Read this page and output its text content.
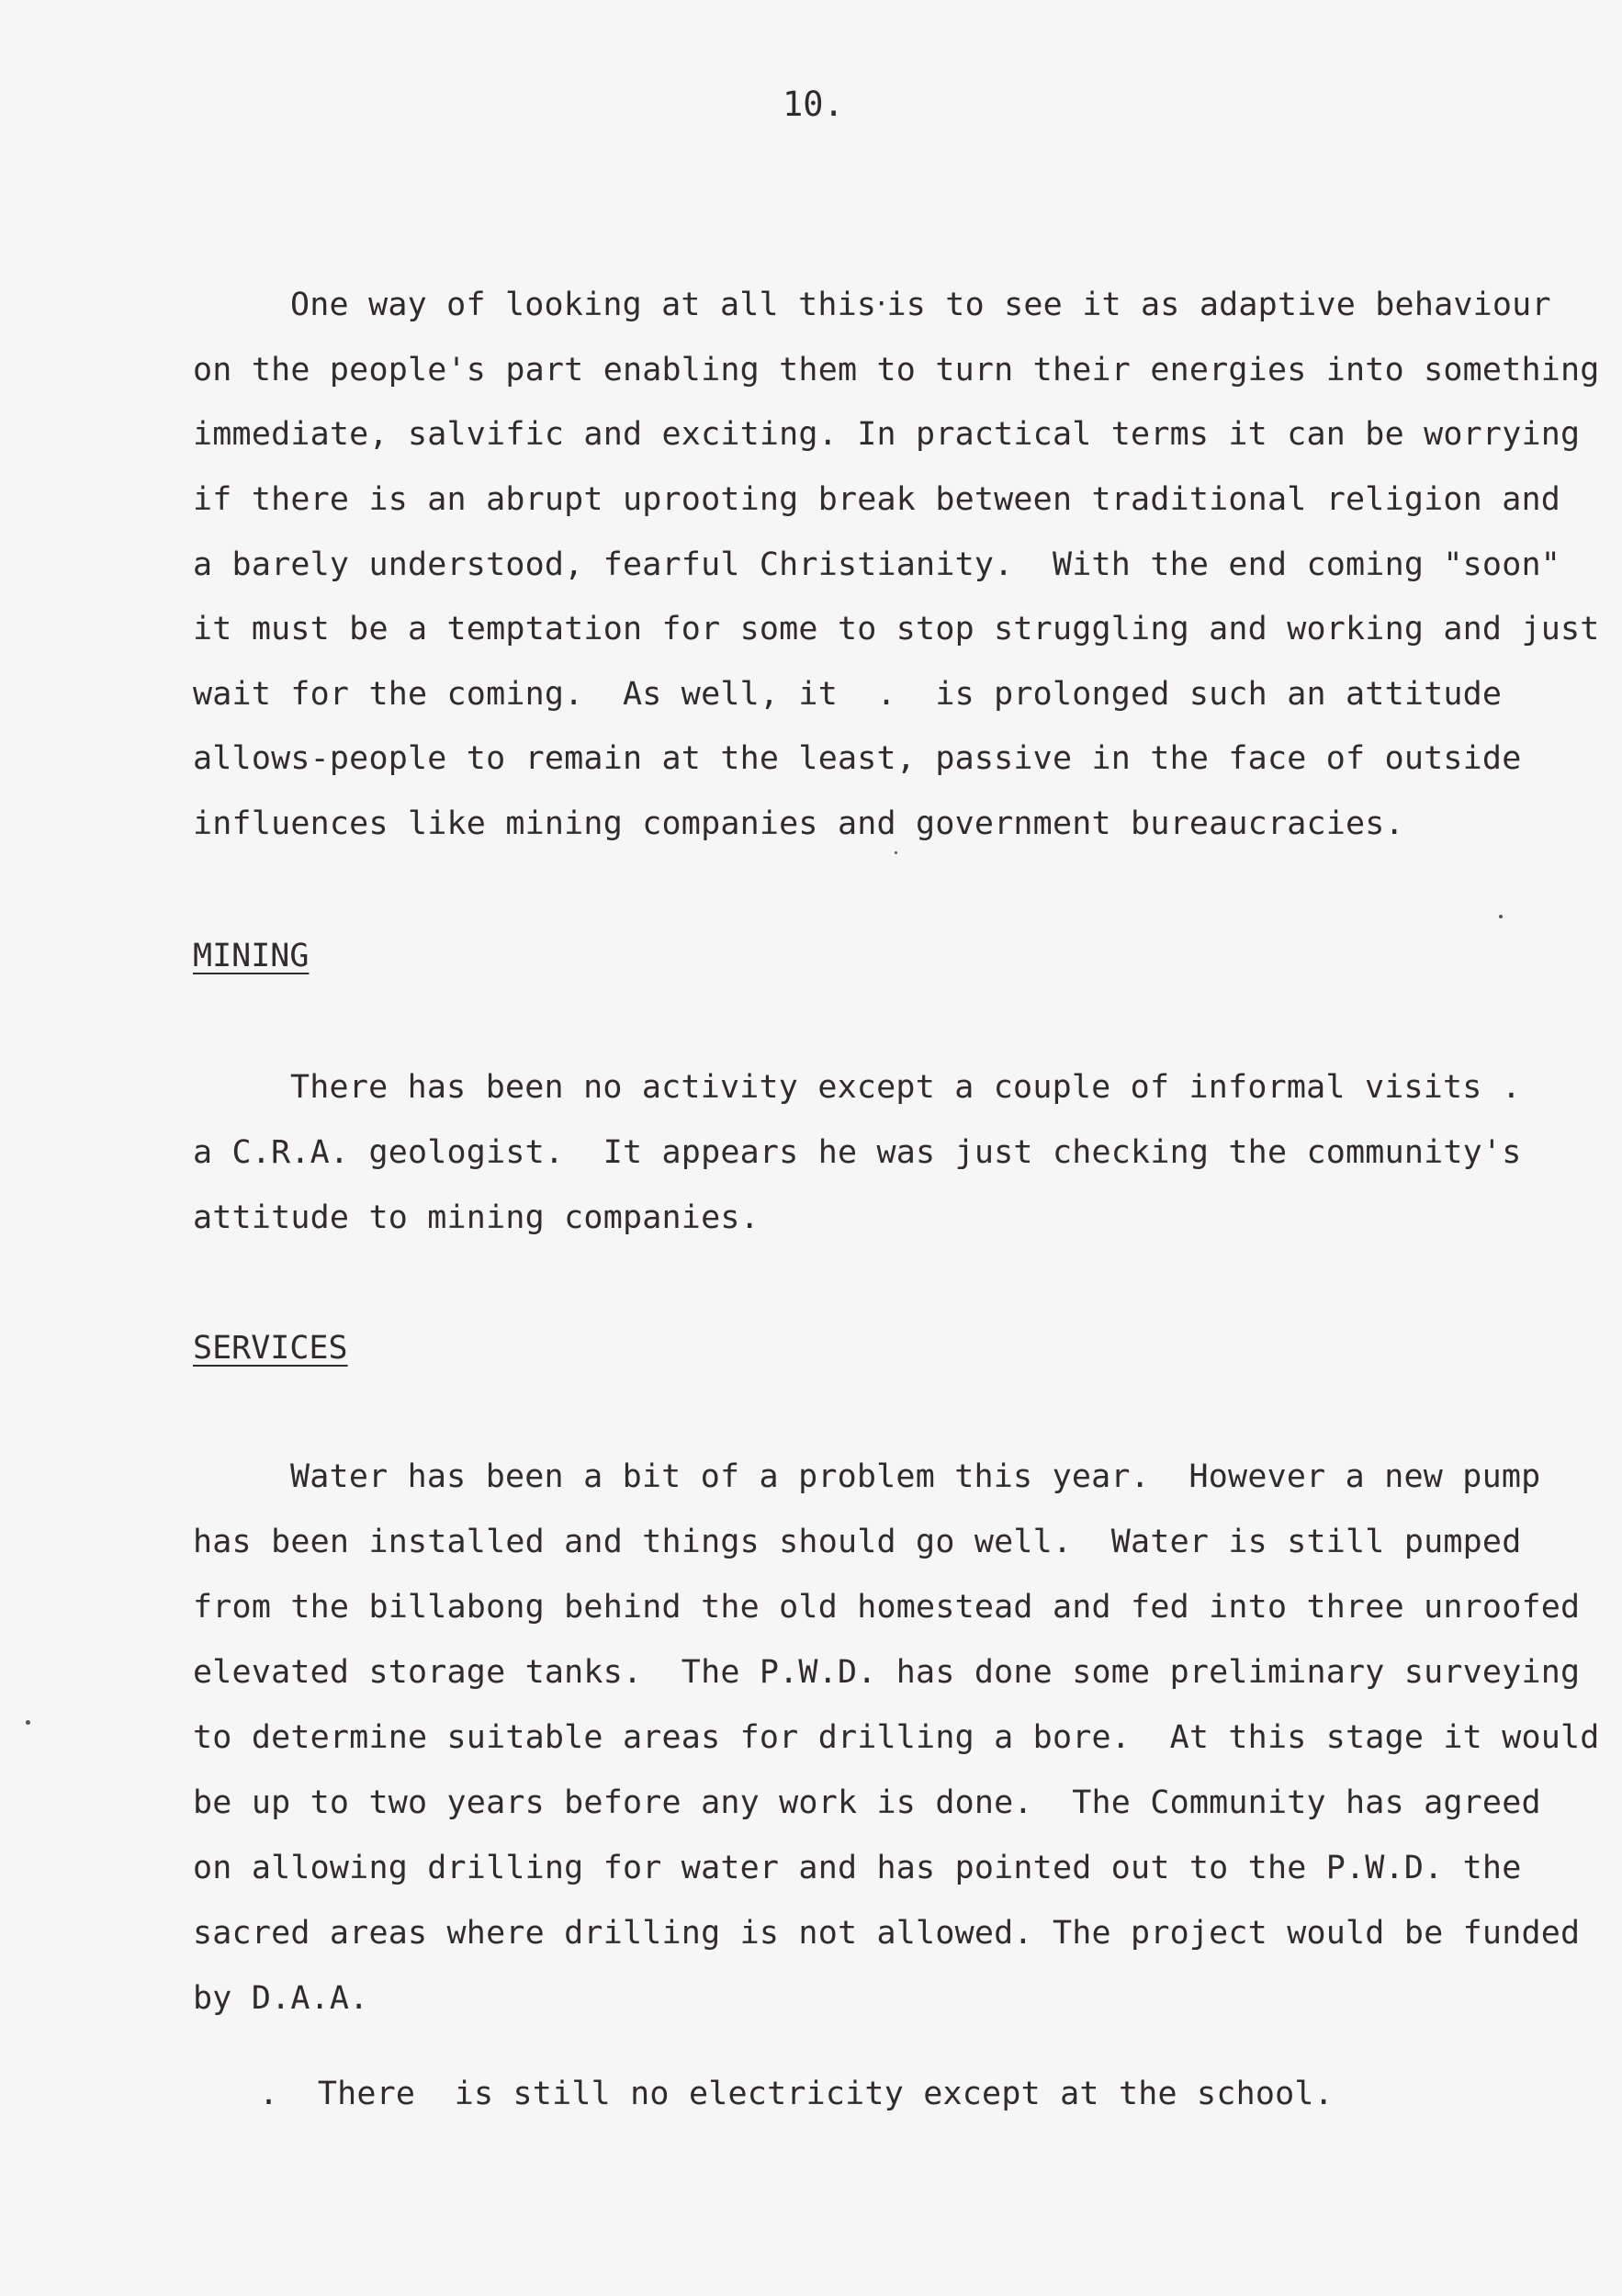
10.
One way of looking at all this‧is to see it as adaptive behaviour
on the people's part enabling them to turn their energies into something
immediate, salvific and exciting. In practical terms it can be worrying
if there is an abrupt uprooting break between traditional religion and
a barely understood, fearful Christianity.  With the end coming "soon"
it must be a temptation for some to stop struggling and working and just
wait for the coming.  As well, it  .  is prolonged such an attitude
allows-people to remain at the least, passive in the face of outside
influences like mining companies and government bureaucracies.
MINING
There has been no activity except a couple of informal visits .
a C.R.A. geologist.  It appears he was just checking the community's
attitude to mining companies.
SERVICES
Water has been a bit of a problem this year.  However a new pump
has been installed and things should go well.  Water is still pumped
from the billabong behind the old homestead and fed into three unroofed
elevated storage tanks.  The P.W.D. has done some preliminary surveying
to determine suitable areas for drilling a bore.  At this stage it would
be up to two years before any work is done.  The Community has agreed
on allowing drilling for water and has pointed out to the P.W.D. the
sacred areas where drilling is not allowed. The project would be funded
by D.A.A.
.  There  is still no electricity except at the school.
